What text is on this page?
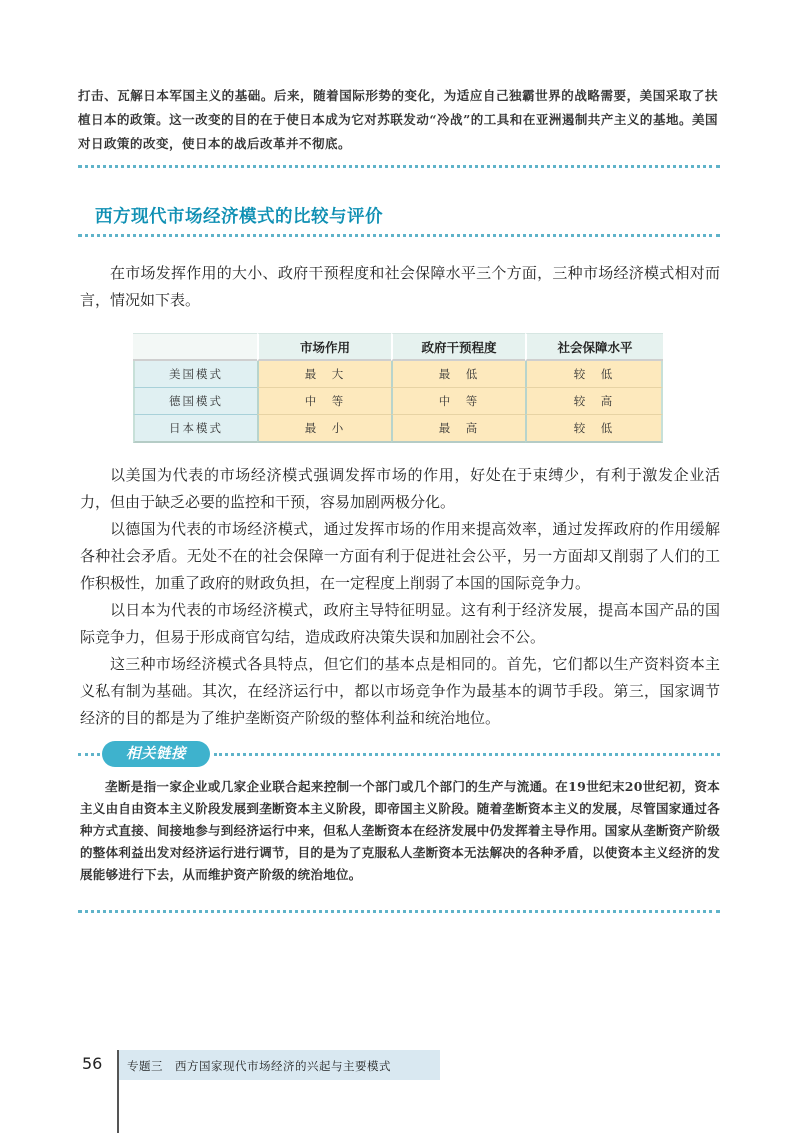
打击、瓦解日本军国主义的基础。后来，随着国际形势的变化，为适应自己独霸世界的战略需要，美国采取了扶植日本的政策。这一改变的目的在于使日本成为它对苏联发动“冷战”的工具和在亚洲遏制共产主义的基地。美国对日政策的改变，使日本的战后改革并不彻底。
西方现代市场经济模式的比较与评价

在市场发挥作用的大小、政府干预程度和社会保障水平三个方面，三种市场经济模式相对而言，情况如下表。

	市场作用	政府干预程度	社会保障水平
美国模式	最　大	最　低	较　低
德国模式	中　等	中　等	较　高
日本模式	最　小	最　高	较　低

以美国为代表的市场经济模式强调发挥市场的作用，好处在于束缚少，有利于激发企业活力，但由于缺乏必要的监控和干预，容易加剧两极分化。

以德国为代表的市场经济模式，通过发挥市场的作用来提高效率，通过发挥政府的作用缓解各种社会矛盾。无处不在的社会保障一方面有利于促进社会公平，另一方面却又削弱了人们的工作积极性，加重了政府的财政负担，在一定程度上削弱了本国的国际竞争力。

以日本为代表的市场经济模式，政府主导特征明显。这有利于经济发展，提高本国产品的国际竞争力，但易于形成商官勾结，造成政府决策失误和加剧社会不公。

这三种市场经济模式各具特点，但它们的基本点是相同的。首先，它们都以生产资料资本主义私有制为基础。其次，在经济运行中，都以市场竞争作为最基本的调节手段。第三，国家调节经济的目的都是为了维护垄断资产阶级的整体利益和统治地位。

相关链接

垄断是指一家企业或几家企业联合起来控制一个部门或几个部门的生产与流通。在19世纪末20世纪初，资本主义由自由资本主义阶段发展到垄断资本主义阶段，即帝国主义阶段。随着垄断资本主义的发展，尽管国家通过各种方式直接、间接地参与到经济运行中来，但私人垄断资本在经济发展中仍发挥着主导作用。国家从垄断资产阶级的整体利益出发对经济运行进行调节，目的是为了克服私人垄断资本无法解决的各种矛盾，以使资本主义经济的发展能够进行下去，从而维护资产阶级的统治地位。

56 专题三 西方国家现代市场经济的兴起与主要模式
